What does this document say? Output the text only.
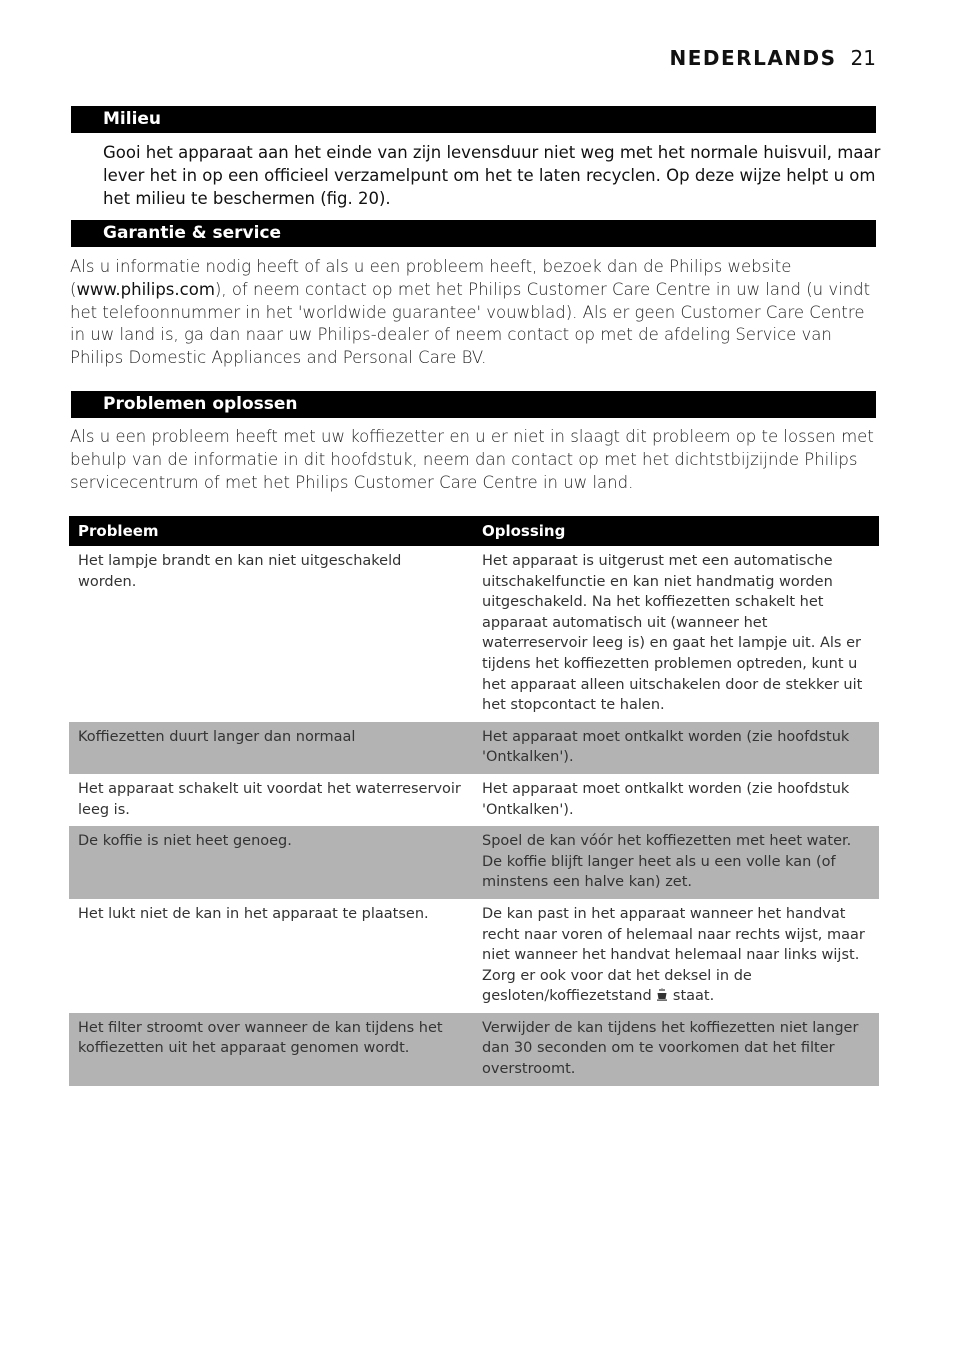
NEDERLANDS 21
Milieu

Gooi het apparaat aan het einde van zijn levensduur niet weg met het normale huisvuil, maar lever het in op een officieel verzamelpunt om het te laten recyclen. Op deze wijze helpt u om het milieu te beschermen (fig. 20).

Garantie & service

Als u informatie nodig heeft of als u een probleem heeft, bezoek dan de Philips website (www.philips.com), of neem contact op met het Philips Customer Care Centre in uw land (u vindt het telefoonnummer in het 'worldwide guarantee' vouwblad). Als er geen Customer Care Centre in uw land is, ga dan naar uw Philips-dealer of neem contact op met de afdeling Service van Philips Domestic Appliances and Personal Care BV.

Problemen oplossen

Als u een probleem heeft met uw koffiezetter en u er niet in slaagt dit probleem op te lossen met behulp van de informatie in dit hoofdstuk, neem dan contact op met het dichtstbijzijnde Philips servicecentrum of met het Philips Customer Care Centre in uw land.

Probleem	Oplossing
Het lampje brandt en kan niet uitgeschakeld worden.	Het apparaat is uitgerust met een automatische uitschakelfunctie en kan niet handmatig worden uitgeschakeld. Na het koffiezetten schakelt het apparaat automatisch uit (wanneer het waterreservoir leeg is) en gaat het lampje uit. Als er tijdens het koffiezetten problemen optreden, kunt u het apparaat alleen uitschakelen door de stekker uit het stopcontact te halen.
Koffiezetten duurt langer dan normaal	Het apparaat moet ontkalkt worden (zie hoofdstuk 'Ontkalken').
Het apparaat schakelt uit voordat het waterreservoir leeg is.	Het apparaat moet ontkalkt worden (zie hoofdstuk 'Ontkalken').
De koffie is niet heet genoeg.	Spoel de kan vóór het koffiezetten met heet water. De koffie blijft langer heet als u een volle kan (of minstens een halve kan) zet.
Het lukt niet de kan in het apparaat te plaatsen.	De kan past in het apparaat wanneer het handvat recht naar voren of helemaal naar rechts wijst, maar niet wanneer het handvat helemaal naar links wijst. Zorg er ook voor dat het deksel in de gesloten/koffiezetstand staat.
Het filter stroomt over wanneer de kan tijdens het koffiezetten uit het apparaat genomen wordt.	Verwijder de kan tijdens het koffiezetten niet langer dan 30 seconden om te voorkomen dat het filter overstroomt.
